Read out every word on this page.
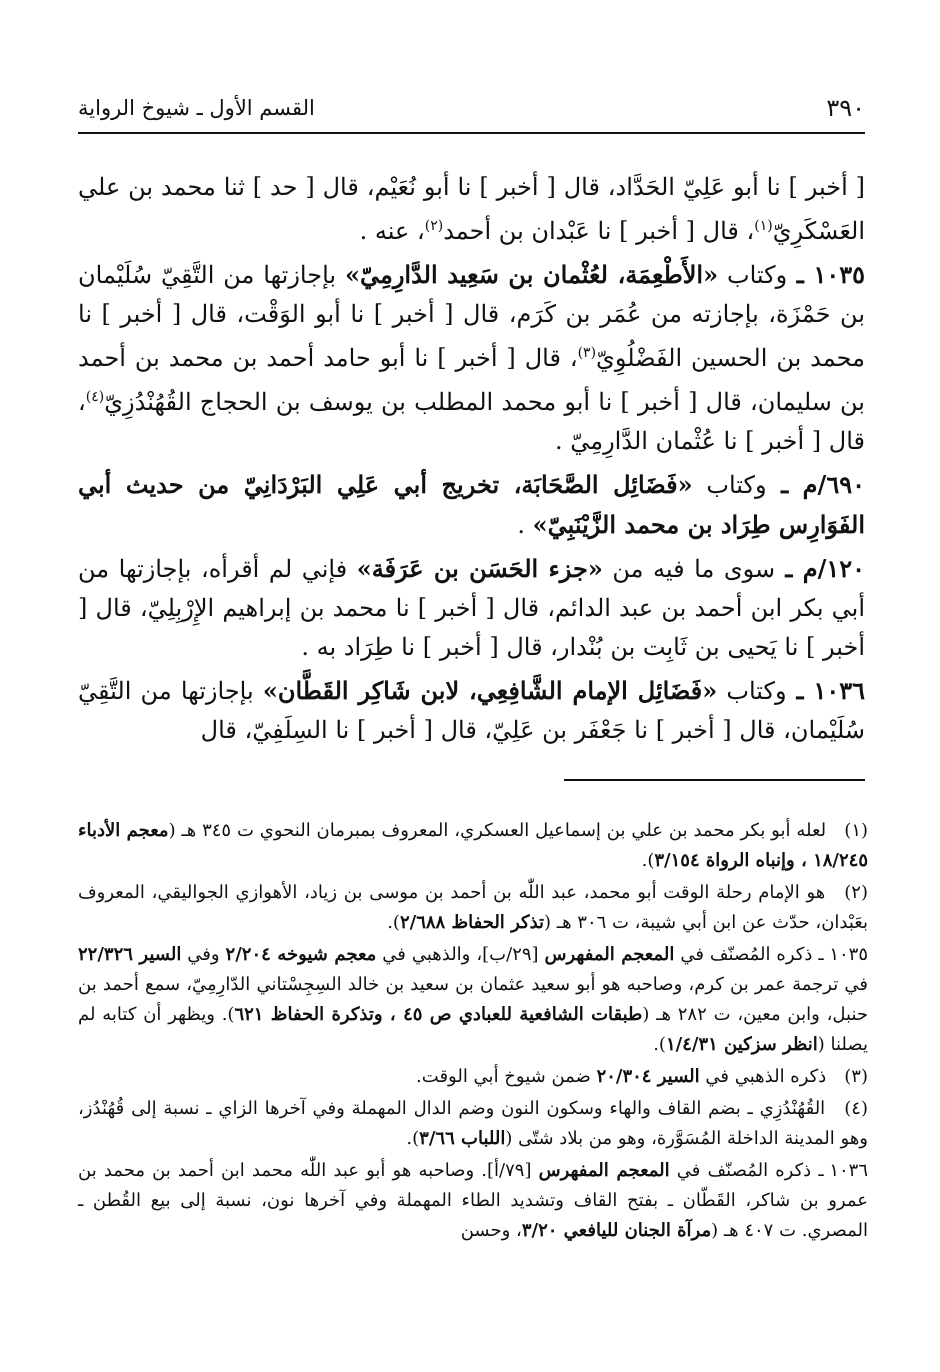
٣٩٠
القسم الأول ـ شيوخ الرواية

[ أخبر ] نا أبو عَلِيّ الحَدَّاد، قال [ أخبر ] نا أبو نُعَيْم، قال [ حد ] ثنا محمد بن علي العَسْكَرِيّ$^{(١)}$، قال [ أخبر ] نا عَبْدان بن أحمد$^{(٢)}$، عنه .

١٠٣٥ ـ وكتاب «الأَطْعِمَة، لعُثْمان بن سَعِيد الدَّارِمِيّ» بإجازتها من التَّقِيّ سُلَيْمان بن حَمْزَة، بإجازته من عُمَر بن كَرَم، قال [ أخبر ] نا أبو الوَقْت، قال [ أخبر ] نا محمد بن الحسين الفَضْلُوِيّ$^{(٣)}$، قال [ أخبر ] نا أبو حامد أحمد بن محمد بن أحمد بن سليمان، قال [ أخبر ] نا أبو محمد المطلب بن يوسف بن الحجاج القُهُنْدُزِيّ$^{(٤)}$، قال [ أخبر ] نا عُثْمان الدَّارِمِيّ .

٦٩٠/م ـ وكتاب «فَضَائِل الصَّحَابَة، تخريج أبي عَلِي البَرْدَانِيّ من حديث أبي الفَوَارِس طِرَاد بن محمد الزَّيْنَبِيّ» .

١٢٠/م ـ سوى ما فيه من «جزء الحَسَن بن عَرَفَة» فإني لم أقرأه، بإجازتها من أبي بكر ابن أحمد بن عبد الدائم، قال [ أخبر ] نا محمد بن إبراهيم الإِرْبِلِيّ، قال [ أخبر ] نا يَحيى بن ثَابِت بن بُنْدار، قال [ أخبر ] نا طِرَاد به .

١٠٣٦ ـ وكتاب «فَضَائِل الإمام الشَّافِعِي، لابن شَاكِر القَطَّان» بإجازتها من التَّقِيّ سُلَيْمان، قال [ أخبر ] نا جَعْفَر بن عَلِيّ، قال [ أخبر ] نا السِلَفِيّ، قال

(١) لعله أبو بكر محمد بن علي بن إسماعيل العسكري، المعروف بمبرمان النحوي ت ٣٤٥ هـ (معجم الأدباء ١٨/٢٤٥ ، وإنباه الرواة ٣/١٥٤).
(٢) هو الإمام رحلة الوقت أبو محمد، عبد اللّٰه بن أحمد بن موسى بن زياد، الأهوازي الجواليقي، المعروف بعَبْدان، حدّث عن ابن أبي شيبة، ت ٣٠٦ هـ (تذكر الحفاظ ٢/٦٨٨).
١٠٣٥ ـ ذكره المُصنّف في المعجم المفهرس [٢٩/ب]، والذهبي في معجم شيوخه ٢/٢٠٤ وفي السير ٢٢/٣٢٦ في ترجمة عمر بن كرم، وصاحبه هو أبو سعيد عثمان بن سعيد بن خالد السِجِسْتاني الدّارِمِيّ، سمع أحمد بن حنبل، وابن معين، ت ٢٨٢ هـ (طبقات الشافعية للعبادي ص ٤٥ ، وتذكرة الحفاظ ٦٢١). ويظهر أن كتابه لم يصلنا (انظر سزكين ١/٤/٣١).
(٣) ذكره الذهبي في السير ٢٠/٣٠٤ ضمن شيوخ أبي الوقت.
(٤) القُهُنْدُزِي ـ بضم القاف والهاء وسكون النون وضم الدال المهملة وفي آخرها الزاي ـ نسبة إلى قُهُنْدُز، وهو المدينة الداخلة المُسَوَّرة، وهو من بلاد شتّى (اللباب ٣/٦٦).
١٠٣٦ ـ ذكره المُصنّف في المعجم المفهرس [٧٩/أ]. وصاحبه هو أبو عبد اللّٰه محمد ابن أحمد بن محمد بن عمرو بن شاكر، القَطّان ـ بفتح القاف وتشديد الطاء المهملة وفي آخرها نون، نسبة إلى بيع القُطن ـ المصري. ت ٤٠٧ هـ (مرآة الجنان لليافعي ٣/٢٠، وحسن
